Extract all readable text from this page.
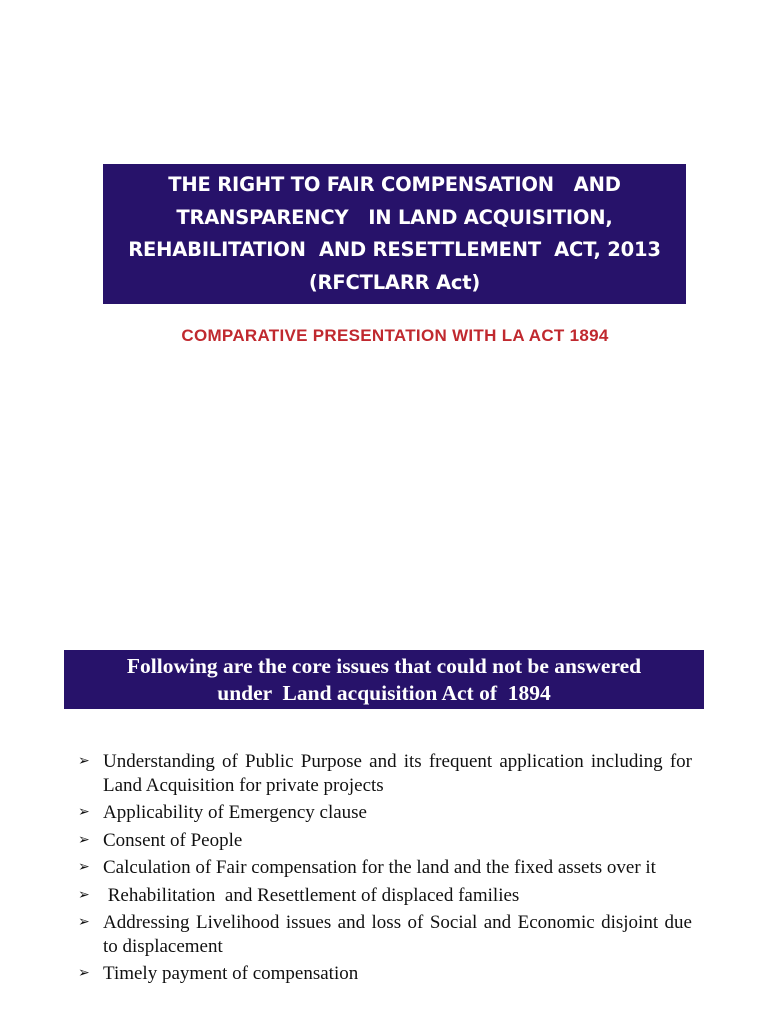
THE RIGHT TO FAIR COMPENSATION   AND
TRANSPARENCY   IN LAND ACQUISITION,
REHABILITATION  AND RESETTLEMENT  ACT, 2013
(RFCTLARR Act)
COMPARATIVE PRESENTATION WITH LA ACT 1894
Following are the core issues that could not be answered
under  Land acquisition Act of  1894
➢ Understanding of Public Purpose and its frequent application including for Land Acquisition for private projects
➢ Applicability of Emergency clause
➢ Consent of People
➢ Calculation of Fair compensation for the land and the fixed assets over it
➢ Rehabilitation  and Resettlement of displaced families
➢ Addressing Livelihood issues and loss of Social and Economic disjoint due to displacement
➢ Timely payment of compensation
